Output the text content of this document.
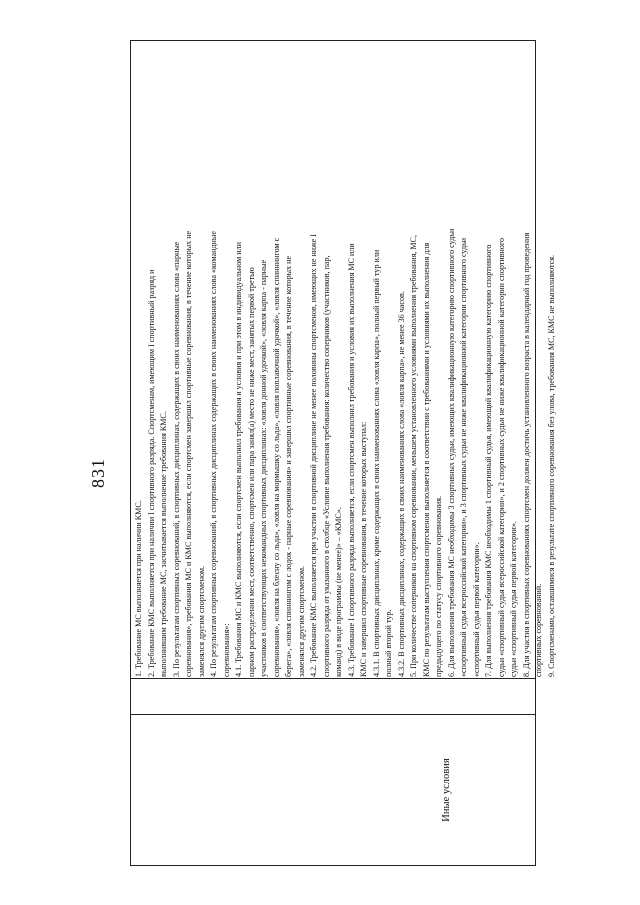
831
Иные условия
1. Требование МС выполняется при наличии КМС. 2. Требование КМС выполняется при наличии I спортивного разряда. Спортсменам, имеющим I спортивный разряд и выполнившим требование МС, засчитывается выполнение требования КМС. 3. По результатам спортивных соревнований, в спортивных дисциплинах, содержащих в своих наименованиях слова «парные соревнования», требования МС и КМС выполняются, если спортсмен завершил спортивные соревнования, в течение которых не заменялся другим спортсменом. 4. По результатам спортивных соревнований, в спортивных дисциплинах содержащих в своих наименованиях слова «командные соревнования»: 4.1. Требования МС и КМС выполняются, если спортсмен выполнил требования и условия и при этом в индивидуальном или парном распределении мест, соответственно, спортсмен или пара занял(а) место не ниже мест, занятых первой третью участников в соответствующих некомандных спортивных дисциплинах: «ловля донной удочкой», «ловля карпа - парные соревнования», «ловля на блесну со льда», «ловля на мормышку со льда», «ловля поплавочной удочкой», «ловля спиннингом с берега», «ловля спиннингом с лодок - парные соревнования» и завершил спортивные соревнования, в течение которых не заменялся другим спортсменом. 4.2. Требование КМС выполняется при участии в спортивной дисциплине не менее половины спортсменов, имеющих не ниже I спортивного разряда от указанного в столбце «Условие выполнения требования: количество соперников (участников, пар, команд) в виде программы (не менее)» – «КМС». 4.3. Требование I спортивного разряда выполняется, если спортсмен выполнил требования и условия их выполнения МС или КМС и завершил спортивные соревнования, в течение которых выступал: 4.3.1. В спортивных дисциплинах, кроме содержащих в своих наименованиях слова «ловля карпа», полный первый тур или полный второй тур. 4.3.2. В спортивных дисциплинах, содержащих в своих наименованиях слова «ловля карпа», не менее 36 часов. 5. При количестве соперников на спортивном соревновании, меньшем установленного условиями выполнения требования, МС, КМС по результатам выступления спортсменов выполняется в соответствии с требованиями и условиями их выполнения для предыдущего по статусу спортивного соревнования. 6. Для выполнения требования МС необходимы 3 спортивных судьи, имеющих квалификационную категорию спортивного судьи «спортивный судья всероссийской категории», и 3 спортивных судьи не ниже квалификационной категории спортивного судьи «спортивный судья первой категории». 7. Для выполнения требования КМС необходимы 1 спортивный судья, имеющий квалификационную категорию спортивного судьи «спортивный судья всероссийской категории», и 2 спортивных судьи не ниже квалификационной категории спортивного судьи «спортивный судья первой категории». 8. Для участия в спортивных соревнованиях спортсмен должен достичь установленного возраста в календарный год проведения спортивных соревнований. 9. Спортсменами, оставшимися в результате спортивного соревнования без улова, требования МС, КМС не выполняются.
